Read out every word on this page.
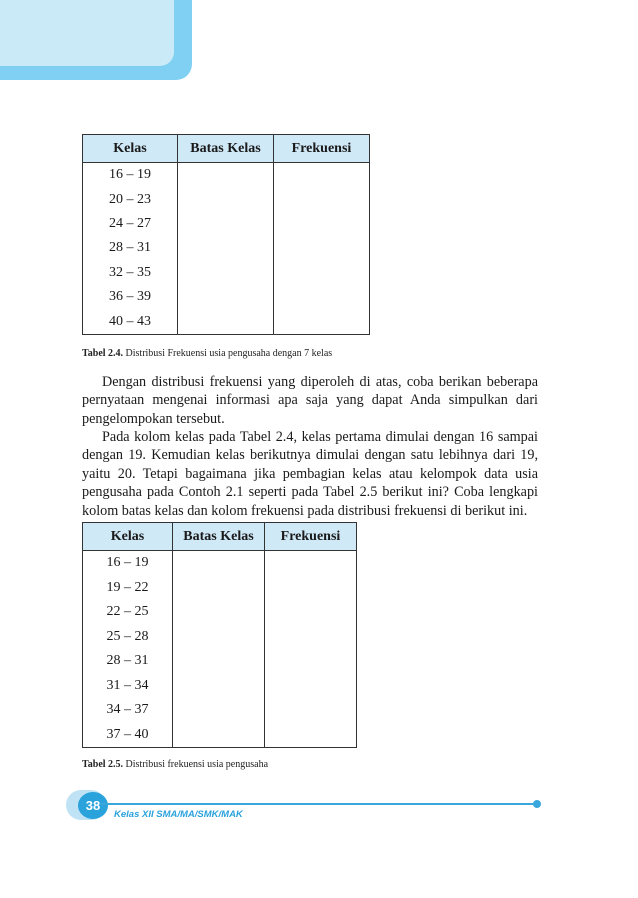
Kelas	Batas Kelas	Frekuensi
16 – 19		
20 – 23		
24 – 27		
28 – 31		
32 – 35		
36 – 39		
40 – 43		
Tabel 2.4. Distribusi Frekuensi usia pengusaha dengan 7 kelas

Dengan distribusi frekuensi yang diperoleh di atas, coba berikan beberapa pernyataan mengenai informasi apa saja yang dapat Anda simpulkan dari pengelompokan tersebut.

Pada kolom kelas pada Tabel 2.4, kelas pertama dimulai dengan 16 sampai dengan 19. Kemudian kelas berikutnya dimulai dengan satu lebihnya dari 19, yaitu 20. Tetapi bagaimana jika pembagian kelas atau kelompok data usia pengusaha pada Contoh 2.1 seperti pada Tabel 2.5 berikut ini? Coba lengkapi kolom batas kelas dan kolom frekuensi pada distribusi frekuensi di berikut ini.

Kelas	Batas Kelas	Frekuensi
16 – 19		
19 – 22		
22 – 25		
25 – 28		
28 – 31		
31 – 34		
34 – 37		
37 – 40		
Tabel 2.5. Distribusi frekuensi usia pengusaha
38
Kelas XII SMA/MA/SMK/MAK
